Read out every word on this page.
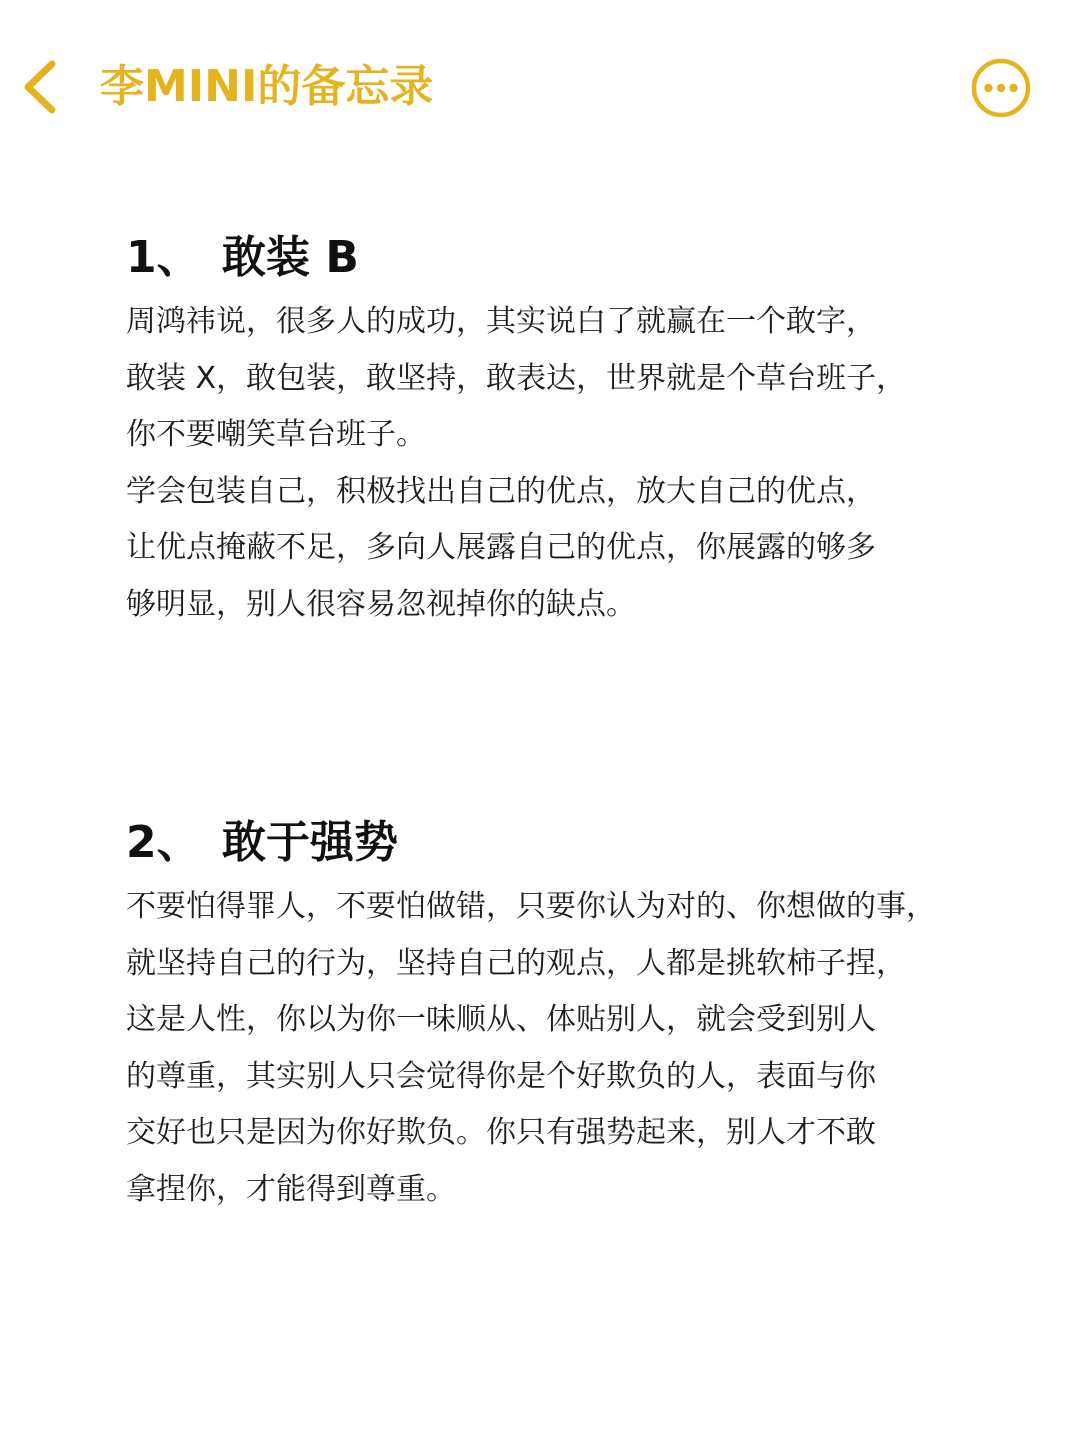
李MINI的备忘录
1、 敢装 B

周鸿祎说，很多人的成功，其实说白了就赢在一个敢字，
敢装 X，敢包装，敢坚持，敢表达，世界就是个草台班子，
你不要嘲笑草台班子。
学会包装自己，积极找出自己的优点，放大自己的优点，
让优点掩蔽不足，多向人展露自己的优点，你展露的够多
够明显，别人很容易忽视掉你的缺点。

2、 敢于强势

不要怕得罪人，不要怕做错，只要你认为对的、你想做的事，
就坚持自己的行为，坚持自己的观点，人都是挑软柿子捏，
这是人性，你以为你一味顺从、体贴别人，就会受到别人
的尊重，其实别人只会觉得你是个好欺负的人，表面与你
交好也只是因为你好欺负。你只有强势起来，别人才不敢
拿捏你，才能得到尊重。
